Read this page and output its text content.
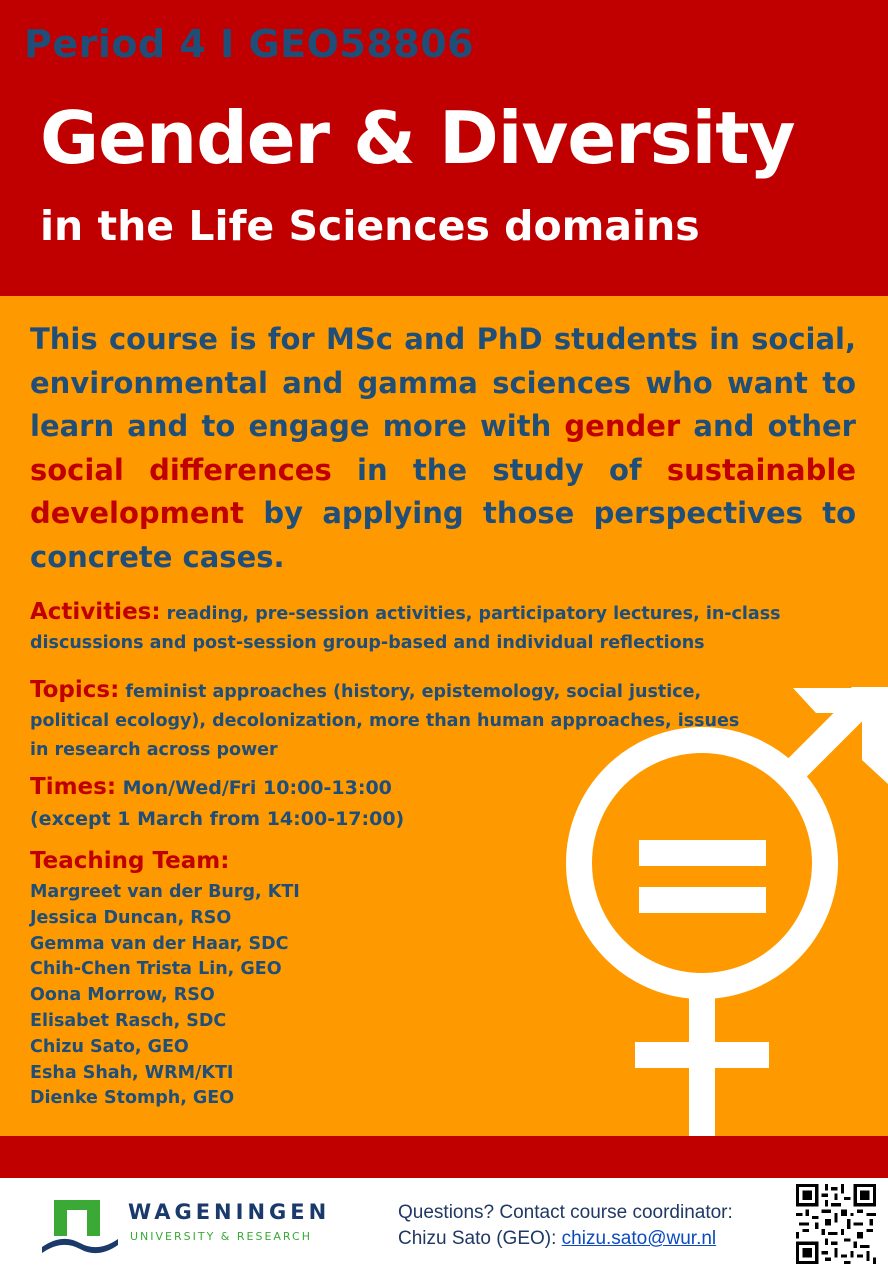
Period 4 I GEO58806
Gender & Diversity
in the Life Sciences domains
This course is for MSc and PhD students in social, environmental and gamma sciences who want to learn and to engage more with gender and other social differences in the study of sustainable development by applying those perspectives to concrete cases.
Activities: reading, pre-session activities, participatory lectures, in-class discussions and post-session group-based and individual reflections
Topics: feminist approaches (history, epistemology, social justice, political ecology), decolonization, more than human approaches, issues in research across power
Times: Mon/Wed/Fri 10:00-13:00
(except 1 March from 14:00-17:00)
Teaching Team:
Margreet van der Burg, KTI
Jessica Duncan, RSO
Gemma van der Haar, SDC
Chih-Chen Trista Lin, GEO
Oona Morrow, RSO
Elisabet Rasch, SDC
Chizu Sato, GEO
Esha Shah, WRM/KTI
Dienke Stomph, GEO
WAGENINGEN
UNIVERSITY & RESEARCH
Questions? Contact course coordinator:
Chizu Sato (GEO): chizu.sato@wur.nl
